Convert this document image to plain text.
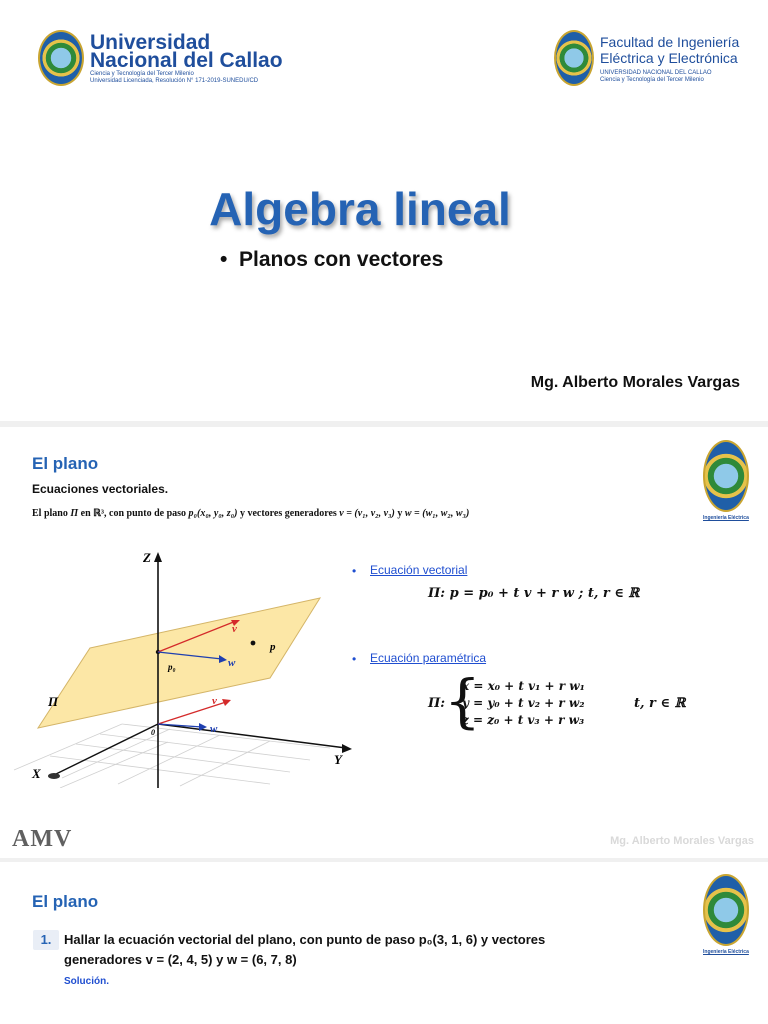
Universidad
Nacional del Callao
Ciencia y Tecnología del Tercer Milenio
Universidad Licenciada, Resolución N° 171-2019-SUNEDU/CD
Facultad de Ingeniería
Eléctrica y Electrónica
UNIVERSIDAD NACIONAL DEL CALLAO
Ciencia y Tecnología del Tercer Milenio
Algebra lineal
• Planos con vectores
Mg. Alberto Morales Vargas
El plano
Ecuaciones vectoriales.
El plano Π en ℝ³, con punto de paso p₀(x₀, y₀, z₀) y vectores generadores v = (v₁, v₂, v₃) y w = (w₁, w₂, w₃)	Ingeniería Eléctrica
Z
Y
X
Π
v
w
p
p₀
v
w
0
• Ecuación vectorial
Π: p = p₀ + t v + r w ; t, r ∈ ℝ
• Ecuación paramétrica
Π:
{
x = x₀ + t v₁ + r w₁
y = y₀ + t v₂ + r w₂
z = z₀ + t v₃ + r w₃
t, r ∈ ℝ
AMV	Mg. Alberto Morales Vargas
El plano
Ingeniería Eléctrica
1. Hallar la ecuación vectorial del plano, con punto de paso p₀(3, 1, 6) y vectores generadores v = (2, 4, 5) y w = (6, 7, 8)
Solución.
